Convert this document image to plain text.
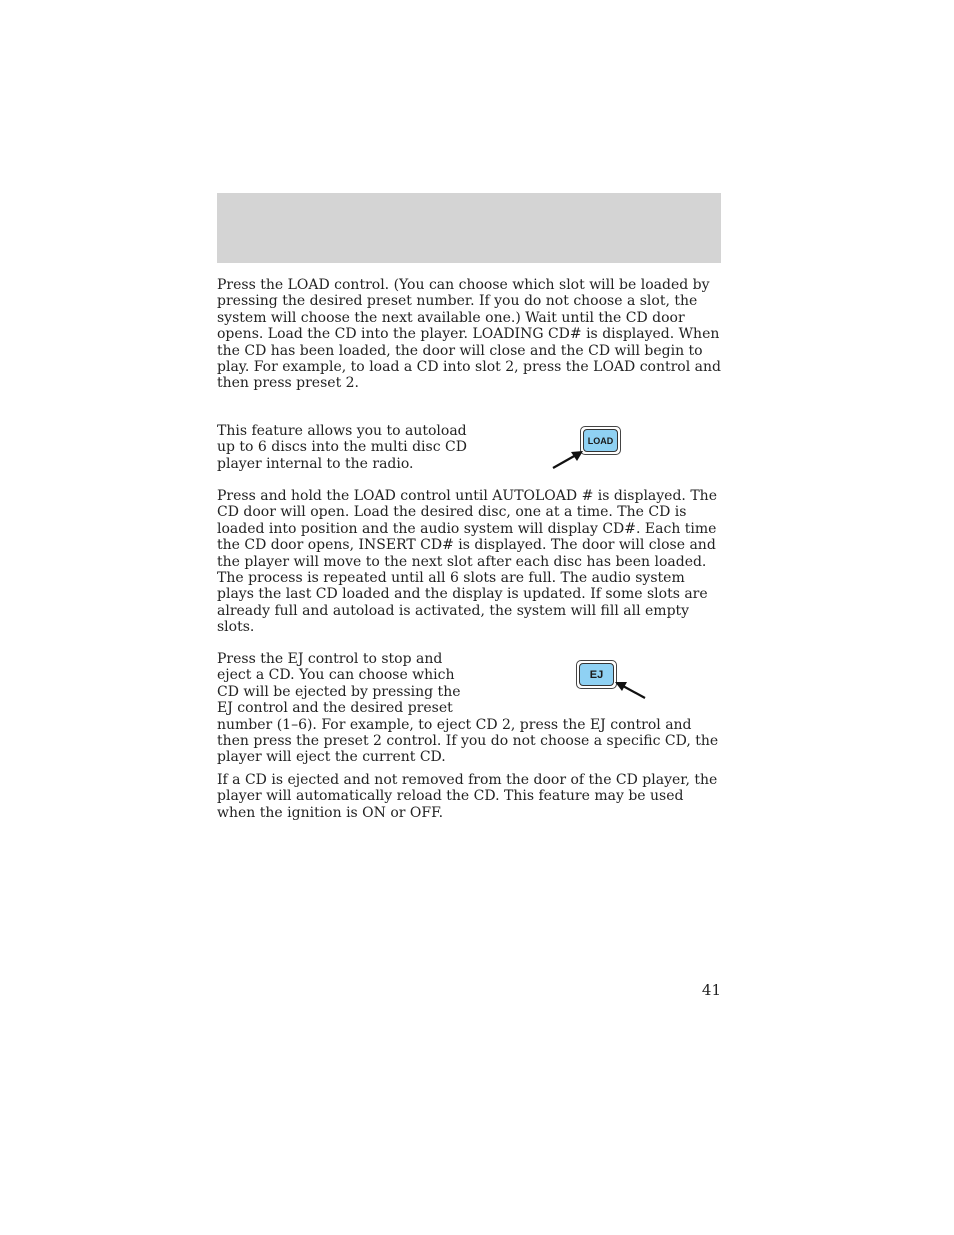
Press the LOAD control. (You can choose which slot will be loaded by pressing the desired preset number. If you do not choose a slot, the system will choose the next available one.) Wait until the CD door opens. Load the CD into the player. LOADING CD# is displayed. When the CD has been loaded, the door will close and the CD will begin to play. For example, to load a CD into slot 2, press the LOAD control and then press preset 2.

This feature allows you to autoload up to 6 discs into the multi disc CD player internal to the radio.

LOAD

Press and hold the LOAD control until AUTOLOAD # is displayed. The CD door will open. Load the desired disc, one at a time. The CD is loaded into position and the audio system will display CD#. Each time the CD door opens, INSERT CD# is displayed. The door will close and the player will move to the next slot after each disc has been loaded. The process is repeated until all 6 slots are full. The audio system plays the last CD loaded and the display is updated. If some slots are already full and autoload is activated, the system will fill all empty slots.

Press the EJ control to stop and
eject a CD. You can choose which
CD will be ejected by pressing the
EJ control and the desired preset
number (1–6). For example, to eject CD 2, press the EJ control and then press the preset 2 control. If you do not choose a specific CD, the player will eject the current CD.
EJ

If a CD is ejected and not removed from the door of the CD player, the player will automatically reload the CD. This feature may be used when the ignition is ON or OFF.

41
